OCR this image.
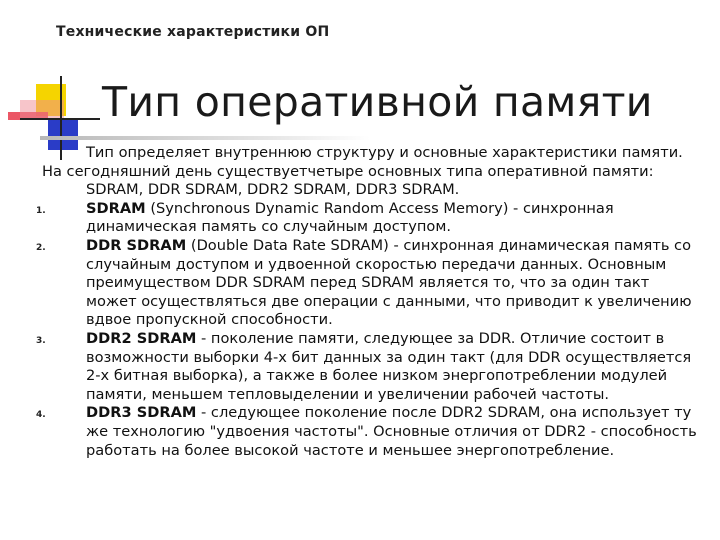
Технические характеристики ОП
Тип оперативной памяти

Тип определяет внутреннюю структуру и основные характеристики памяти.

На сегодняшний день существуетчетыре основных типа оперативной памяти:
SDRAM, DDR SDRAM, DDR2 SDRAM, DDR3 SDRAM.

1.	SDRAM (Synchronous Dynamic Random Access Memory) - синхронная динамическая память со случайным доступом.
2.	DDR SDRAM (Double Data Rate SDRAM) - синхронная динамическая память со случайным доступом и удвоенной скоростью передачи данных. Основным преимуществом DDR SDRAM перед SDRAM является то, что за один такт может осуществляться две операции с данными, что приводит к увеличению вдвое пропускной способности.
3.	DDR2 SDRAM - поколение памяти, следующее за DDR. Отличие состоит в возможности выборки 4-х бит данных за один такт (для DDR осуществляется 2-х битная выборка), а также в более низком энергопотреблении модулей памяти, меньшем тепловыделении и увеличении рабочей частоты.
4.	DDR3 SDRAM - следующее поколение после DDR2 SDRAM, она использует ту же технологию "удвоения частоты". Основные отличия от DDR2 - способность работать на более высокой частоте и меньшее энергопотребление.
